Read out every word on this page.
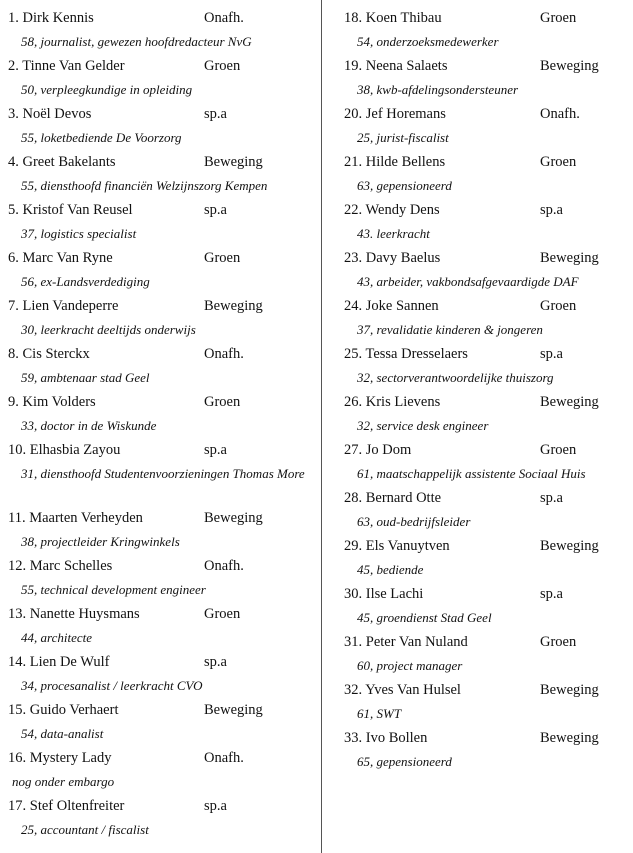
1. Dirk Kennis	Onafh.
58, journalist, gewezen hoofdredacteur NvG
2. Tinne Van Gelder	Groen
50, verpleegkundige in opleiding
3. Noël Devos	sp.a
55, loketbediende De Voorzorg
4. Greet Bakelants	Beweging
55, diensthoofd financiën Welzijnszorg Kempen
5. Kristof Van Reusel	sp.a
37, logistics specialist
6. Marc Van Ryne	Groen
56, ex-Landsverdediging
7. Lien Vandeperre	Beweging
30, leerkracht deeltijds onderwijs
8. Cis Sterckx	Onafh.
59, ambtenaar stad Geel
9. Kim Volders	Groen
33, doctor in de Wiskunde
10. Elhasbia Zayou	sp.a
31, diensthoofd Studentenvoorzieningen Thomas More
11. Maarten Verheyden	Beweging
38, projectleider Kringwinkels
12. Marc Schelles	Onafh.
55, technical development engineer
13. Nanette Huysmans	Groen
44, architecte
14. Lien De Wulf	sp.a
34, procesanalist / leerkracht CVO
15. Guido Verhaert	Beweging
54, data-analist
16. Mystery Lady	Onafh.
nog onder embargo
17. Stef Oltenfreiter	sp.a
25, accountant / fiscalist
18. Koen Thibau	Groen
54, onderzoeksmedewerker
19. Neena Salaets	Beweging
38, kwb-afdelingsondersteuner
20. Jef Horemans	Onafh.
25, jurist-fiscalist
21. Hilde Bellens	Groen
63, gepensioneerd
22. Wendy Dens	sp.a
43. leerkracht
23. Davy Baelus	Beweging
43, arbeider, vakbondsafgevaardigde DAF
24. Joke Sannen	Groen
37, revalidatie kinderen & jongeren
25. Tessa Dresselaers	sp.a
32, sectorverantwoordelijke thuiszorg
26. Kris Lievens	Beweging
32, service desk engineer
27. Jo Dom	Groen
61, maatschappelijk assistente Sociaal Huis
28. Bernard Otte	sp.a
63, oud-bedrijfsleider
29. Els Vanuytven	Beweging
45, bediende
30. Ilse Lachi	sp.a
45, groendienst Stad Geel
31. Peter Van Nuland	Groen
60, project manager
32. Yves Van Hulsel	Beweging
61, SWT
33. Ivo Bollen	Beweging
65, gepensioneerd
